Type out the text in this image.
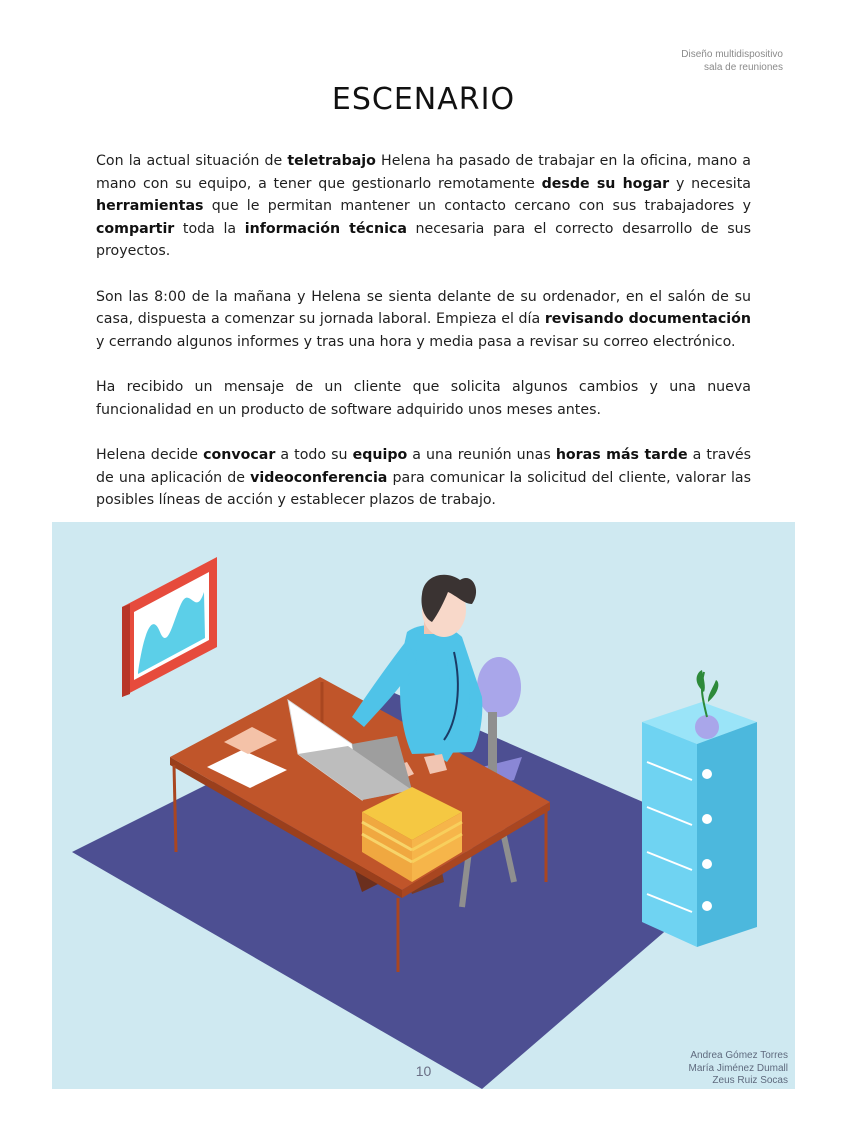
Diseño multidispositivo
sala de reuniones
ESCENARIO

Con la actual situación de teletrabajo Helena ha pasado de trabajar en la oficina, mano a mano con su equipo, a tener que gestionarlo remotamente desde su hogar y necesita herramientas que le permitan mantener un contacto cercano con sus trabajadores y compartir toda la información técnica necesaria para el correcto desarrollo de sus proyectos.

Son las 8:00 de la mañana y Helena se sienta delante de su ordenador, en el salón de su casa, dispuesta a comenzar su jornada laboral. Empieza el día revisando documentación y cerrando algunos informes y tras una hora y media pasa a revisar su correo electrónico.

Ha recibido un mensaje de un cliente que solicita algunos cambios y una nueva funcionalidad en un producto de software adquirido unos meses antes.

Helena decide convocar a todo su equipo a una reunión unas horas más tarde a través de una aplicación de videoconferencia para comunicar la solicitud del cliente, valorar las posibles líneas de acción y establecer plazos de trabajo.

10
Andrea Gómez Torres
María Jiménez Dumall
Zeus Ruiz Socas
